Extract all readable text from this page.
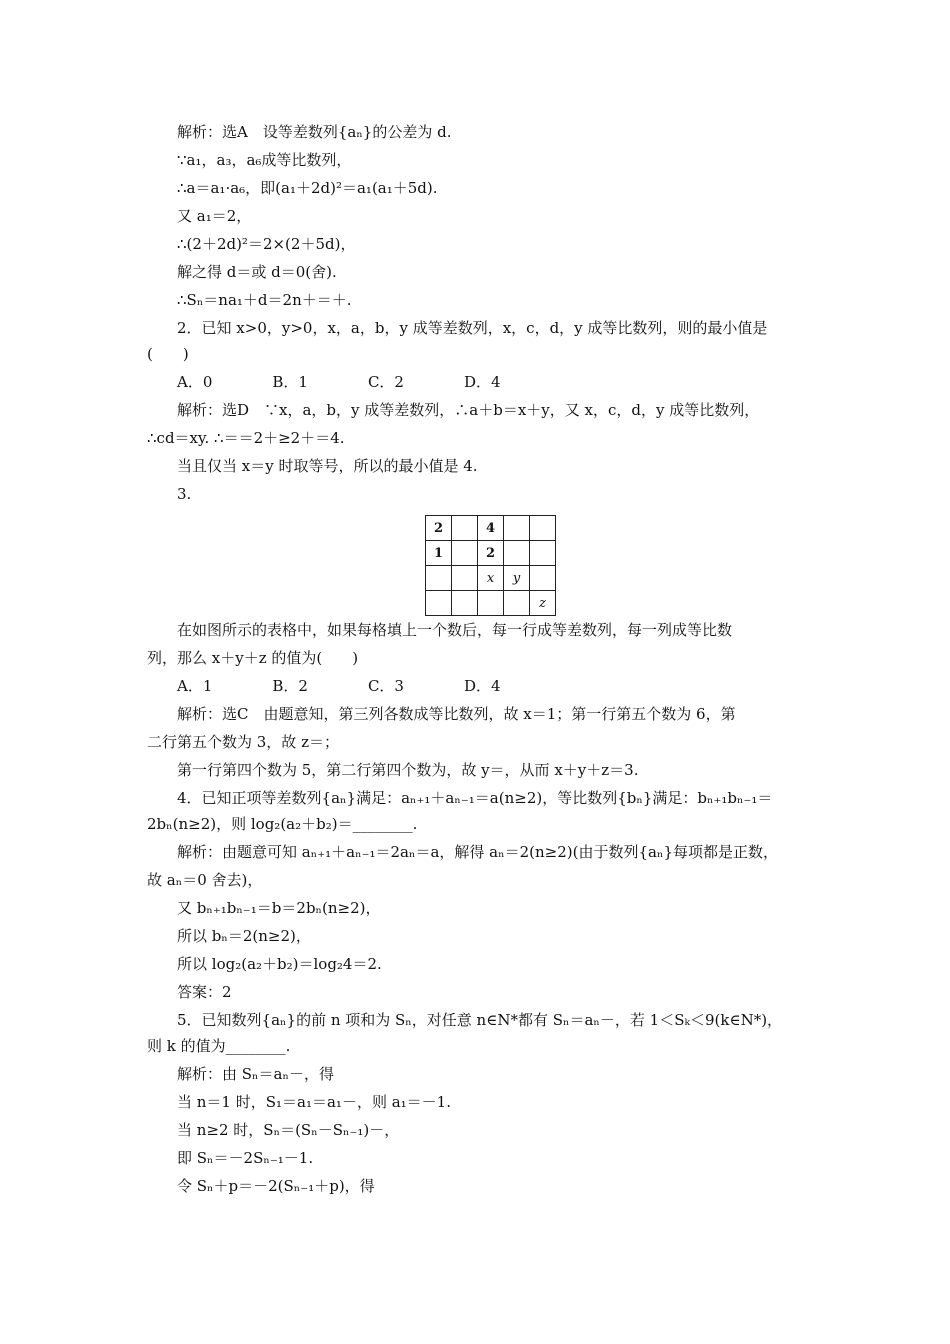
解析：选A　设等差数列{aₙ}的公差为 d.
∵a₁，a₃，a₆成等比数列，
∴a＝a₁·a₆，即(a₁＋2d)²＝a₁(a₁＋5d).
又 a₁＝2，
∴(2＋2d)²＝2×(2＋5d)，
解之得 d＝或 d＝0(舍).
∴Sₙ＝na₁＋d＝2n＋＝＋.
2．已知 x>0，y>0，x，a，b，y 成等差数列，x，c，d，y 成等比数列，则的最小值是
(　　)
A．0　　　　B．1　　　　C．2　　　　D．4
解析：选D　∵x，a，b，y 成等差数列，∴a＋b＝x＋y，又 x，c，d，y 成等比数列，
∴cd＝xy. ∴＝＝2＋≥2＋＝4.
当且仅当 x＝y 时取等号，所以的最小值是 4.
3.
2		4		
1		2		
		x	y	
				z
在如图所示的表格中，如果每格填上一个数后，每一行成等差数列，每一列成等比数
列，那么 x＋y＋z 的值为(　　)
A．1　　　　B．2　　　　C．3　　　　D．4
解析：选C　由题意知，第三列各数成等比数列，故 x＝1；第一行第五个数为 6，第
二行第五个数为 3，故 z＝；
第一行第四个数为 5，第二行第四个数为，故 y＝，从而 x＋y＋z＝3.
4．已知正项等差数列{aₙ}满足：aₙ₊₁＋aₙ₋₁＝a(n≥2)，等比数列{bₙ}满足：bₙ₊₁bₙ₋₁＝
2bₙ(n≥2)，则 log₂(a₂＋b₂)＝________.
解析：由题意可知 aₙ₊₁＋aₙ₋₁＝2aₙ＝a，解得 aₙ＝2(n≥2)(由于数列{aₙ}每项都是正数，
故 aₙ＝0 舍去)，
又 bₙ₊₁bₙ₋₁＝b＝2bₙ(n≥2)，
所以 bₙ＝2(n≥2)，
所以 log₂(a₂＋b₂)＝log₂4＝2.
答案：2
5．已知数列{aₙ}的前 n 项和为 Sₙ，对任意 n∈N*都有 Sₙ＝aₙ－，若 1＜Sₖ＜9(k∈N*)，
则 k 的值为________.
解析：由 Sₙ＝aₙ－，得
当 n＝1 时，S₁＝a₁＝a₁－，则 a₁＝－1.
当 n≥2 时，Sₙ＝(Sₙ－Sₙ₋₁)－，
即 Sₙ＝－2Sₙ₋₁－1.
令 Sₙ＋p＝－2(Sₙ₋₁＋p)，得
